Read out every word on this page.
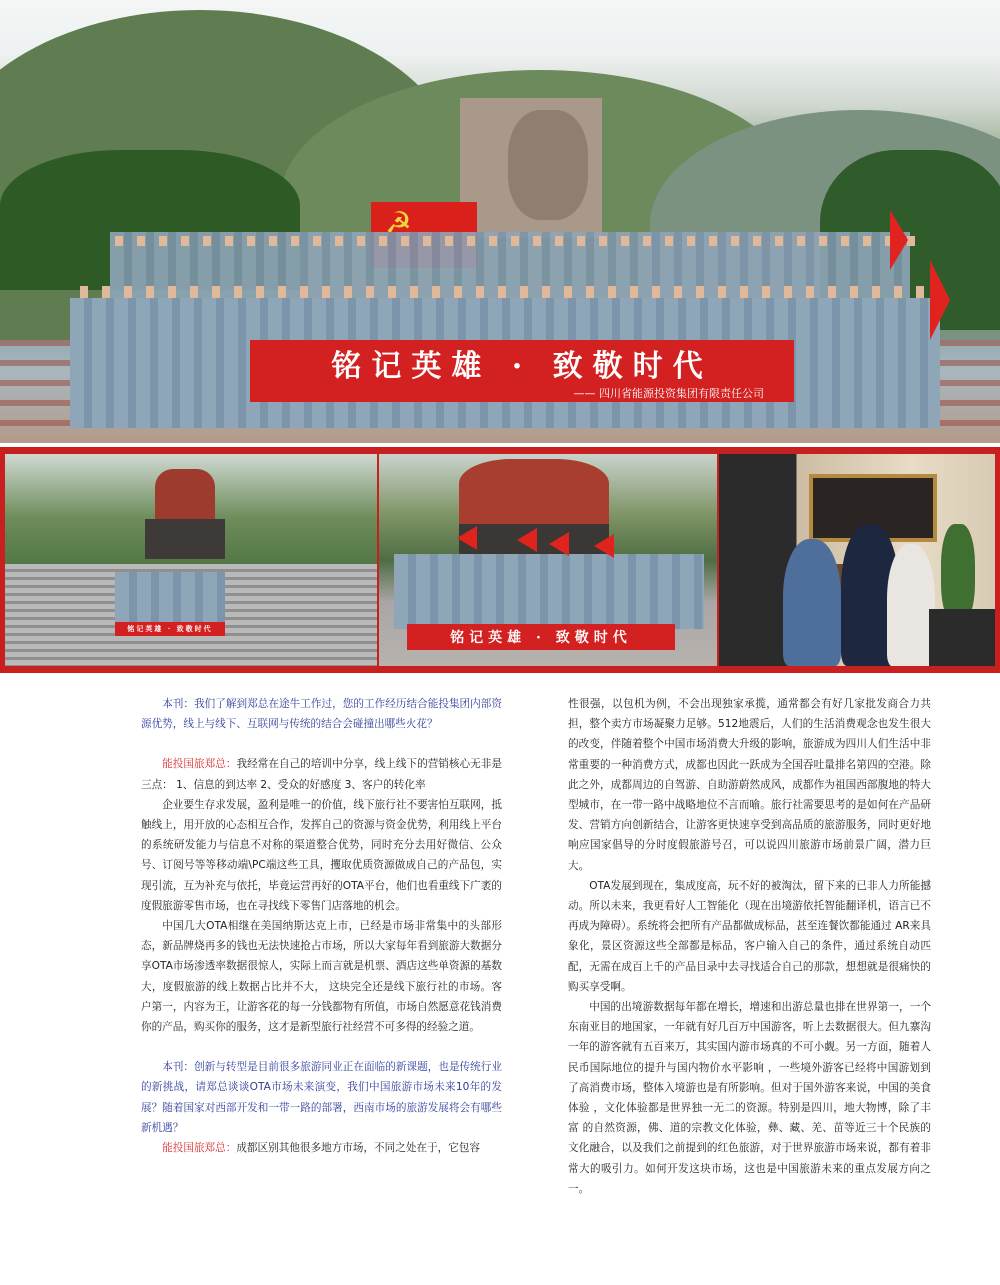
☭
铭记英雄 · 致敬时代
—— 四川省能源投资集团有限责任公司
铭记英雄 · 致敬时代
铭记英雄 · 致敬时代

本刊：我们了解到郑总在途牛工作过，您的工作经历结合能投集团内部资源优势，线上与线下、互联网与传统的结合会碰撞出哪些火花？

能投国旅郑总：我经常在自己的培训中分享，线上线下的营销核心无非是三点： 1、信息的到达率 2、受众的好感度 3、客户的转化率

企业要生存求发展，盈利是唯一的价值，线下旅行社不要害怕互联网，抵触线上，用开放的心态相互合作，发挥自己的资源与资金优势，利用线上平台的系统研发能力与信息不对称的渠道整合优势，同时充分去用好微信、公众号、订阅号等等移动端\PC端这些工具，攫取优质资源做成自己的产品包，实现引流，互为补充与依托，毕竟运营再好的OTA平台，他们也看重线下广袤的度假旅游零售市场，也在寻找线下零售门店落地的机会。

中国几大OTA相继在美国纳斯达克上市，已经是市场非常集中的头部形态，新品牌烧再多的钱也无法快速抢占市场，所以大家每年看到旅游大数据分享OTA市场渗透率数据很惊人，实际上而言就是机票、酒店这些单资源的基数大，度假旅游的线上数据占比并不大， 这块完全还是线下旅行社的市场。客户第一，内容为王，让游客花的每一分钱都物有所值，市场自然愿意花钱消费你的产品，购买你的服务，这才是新型旅行社经营不可多得的经验之道。

本刊：创新与转型是目前很多旅游同业正在面临的新课题，也是传统行业的新挑战，请郑总谈谈OTA市场未来演变，我们中国旅游市场未来10年的发展？随着国家对西部开发和一带一路的部署，西南市场的旅游发展将会有哪些新机遇？

能投国旅郑总：成都区别其他很多地方市场，不同之处在于，它包容

性很强，以包机为例，不会出现独家承揽，通常都会有好几家批发商合力共担，整个卖方市场凝聚力足够。512地震后，人们的生活消费观念也发生很大的改变，伴随着整个中国市场消费大升级的影响，旅游成为四川人们生活中非常重要的一种消费方式，成都也因此一跃成为全国吞吐量排名第四的空港。除此之外，成都周边的自驾游、自助游蔚然成风，成都作为祖国西部腹地的特大型城市，在一带一路中战略地位不言而喻。旅行社需要思考的是如何在产品研发、营销方向创新结合，让游客更快速享受到高品质的旅游服务，同时更好地响应国家倡导的分时度假旅游号召，可以说四川旅游市场前景广阔，潜力巨大。

OTA发展到现在，集成度高，玩不好的被淘汰，留下来的已非人力所能撼动。所以未来，我更看好人工智能化（现在出境游依托智能翻译机，语言已不再成为障碍）。系统将会把所有产品都做成标品，甚至连餐饮都能通过 AR来具象化，景区资源这些全部都是标品，客户输入自己的条件，通过系统自动匹配，无需在成百上千的产品目录中去寻找适合自己的那款，想想就是很痛快的购买享受啊。

中国的出境游数据每年都在增长，增速和出游总量也排在世界第一，一个东南亚目的地国家，一年就有好几百万中国游客，听上去数据很大。但九寨沟一年的游客就有五百来万，其实国内游市场真的不可小觑。另一方面，随着人民币国际地位的提升与国内物价水平影响 ，一些境外游客已经将中国游划到了高消费市场，整体入境游也是有所影响。但对于国外游客来说，中国的美食体验 ，文化体验都是世界独一无二的资源。特别是四川，地大物博，除了丰富 的自然资源，佛、道的宗教文化体验，彝、藏、羌、苗等近三十个民族的文化融合，以及我们之前提到的红色旅游，对于世界旅游市场来说，都有着非常大的吸引力。如何开发这块市场，这也是中国旅游未来的重点发展方向之一。
